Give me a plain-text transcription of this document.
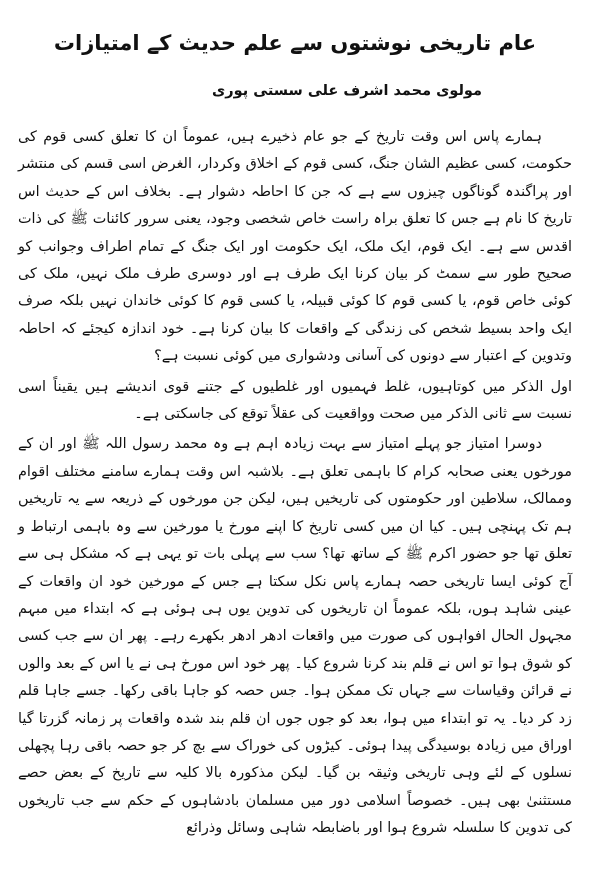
عام تاریخی نوشتوں سے علم حدیث کے امتیازات
مولوی محمد اشرف علی سستی پوری

ہمارے پاس اس وقت تاریخ کے جو عام ذخیرے ہیں، عموماً ان کا تعلق کسی قوم کی حکومت، کسی عظیم الشان جنگ، کسی قوم کے اخلاق وکردار، الغرض اسی قسم کی منتشر اور پراگندہ گوناگوں چیزوں سے ہے کہ جن کا احاطہ دشوار ہے۔ بخلاف اس کے حدیث اس تاریخ کا نام ہے جس کا تعلق براہ راست خاص شخصی وجود، یعنی سرور کائنات ﷺ کی ذات اقدس سے ہے۔ ایک قوم، ایک ملک، ایک حکومت اور ایک جنگ کے تمام اطراف وجوانب کو صحیح طور سے سمٹ کر بیان کرنا ایک طرف ہے اور دوسری طرف ملک نہیں، ملک کی کوئی خاص قوم، یا کسی قوم کا کوئی قبیلہ، یا کسی قوم کا کوئی خاندان نہیں بلکہ صرف ایک واحد بسیط شخص کی زندگی کے واقعات کا بیان کرنا ہے۔ خود اندازہ کیجئے کہ احاطہ وتدوین کے اعتبار سے دونوں کی آسانی ودشواری میں کوئی نسبت ہے؟

اول الذکر میں کوتاہیوں، غلط فہمیوں اور غلطیوں کے جتنے قوی اندیشے ہیں یقیناً اسی نسبت سے ثانی الذکر میں صحت وواقعیت کی عقلاً توقع کی جاسکتی ہے۔

دوسرا امتیاز جو پہلے امتیاز سے بہت زیادہ اہم ہے وہ محمد رسول اللہ ﷺ اور ان کے مورخوں یعنی صحابہ کرام کا باہمی تعلق ہے۔ بلاشبہ اس وقت ہمارے سامنے مختلف اقوام وممالک، سلاطین اور حکومتوں کی تاریخیں ہیں، لیکن جن مورخوں کے ذریعہ سے یہ تاریخیں ہم تک پہنچی ہیں۔ کیا ان میں کسی تاریخ کا اپنے مورخ یا مورخین سے وہ باہمی ارتباط و تعلق تھا جو حضور اکرم ﷺ کے ساتھ تھا؟ سب سے پہلی بات تو یہی ہے کہ مشکل ہی سے آج کوئی ایسا تاریخی حصہ ہمارے پاس نکل سکتا ہے جس کے مورخین خود ان واقعات کے عینی شاہد ہوں، بلکہ عموماً ان تاریخوں کی تدوین یوں ہی ہوئی ہے کہ ابتداء میں مبہم مجہول الحال افواہوں کی صورت میں واقعات ادھر ادھر بکھرے رہے۔ پھر ان سے جب کسی کو شوق ہوا تو اس نے قلم بند کرنا شروع کیا۔ پھر خود اس مورخ ہی نے یا اس کے بعد والوں نے قرائن وقیاسات سے جہاں تک ممکن ہوا۔ جس حصہ کو جاہا باقی رکھا۔ جسے جاہا قلم زد کر دیا۔ یہ تو ابتداء میں ہوا، بعد کو جوں جوں ان قلم بند شدہ واقعات پر زمانہ گزرتا گیا اوراق میں زیادہ بوسیدگی پیدا ہوئی۔ کیڑوں کی خوراک سے بچ کر جو حصہ باقی رہا پچھلی نسلوں کے لئے وہی تاریخی وثیقہ بن گیا۔ لیکن مذکورہ بالا کلیہ سے تاریخ کے بعض حصے مستثنیٰ بھی ہیں۔ خصوصاً اسلامی دور میں مسلمان بادشاہوں کے حکم سے جب تاریخوں کی تدوین کا سلسلہ شروع ہوا اور باضابطہ شاہی وسائل وذرائع
